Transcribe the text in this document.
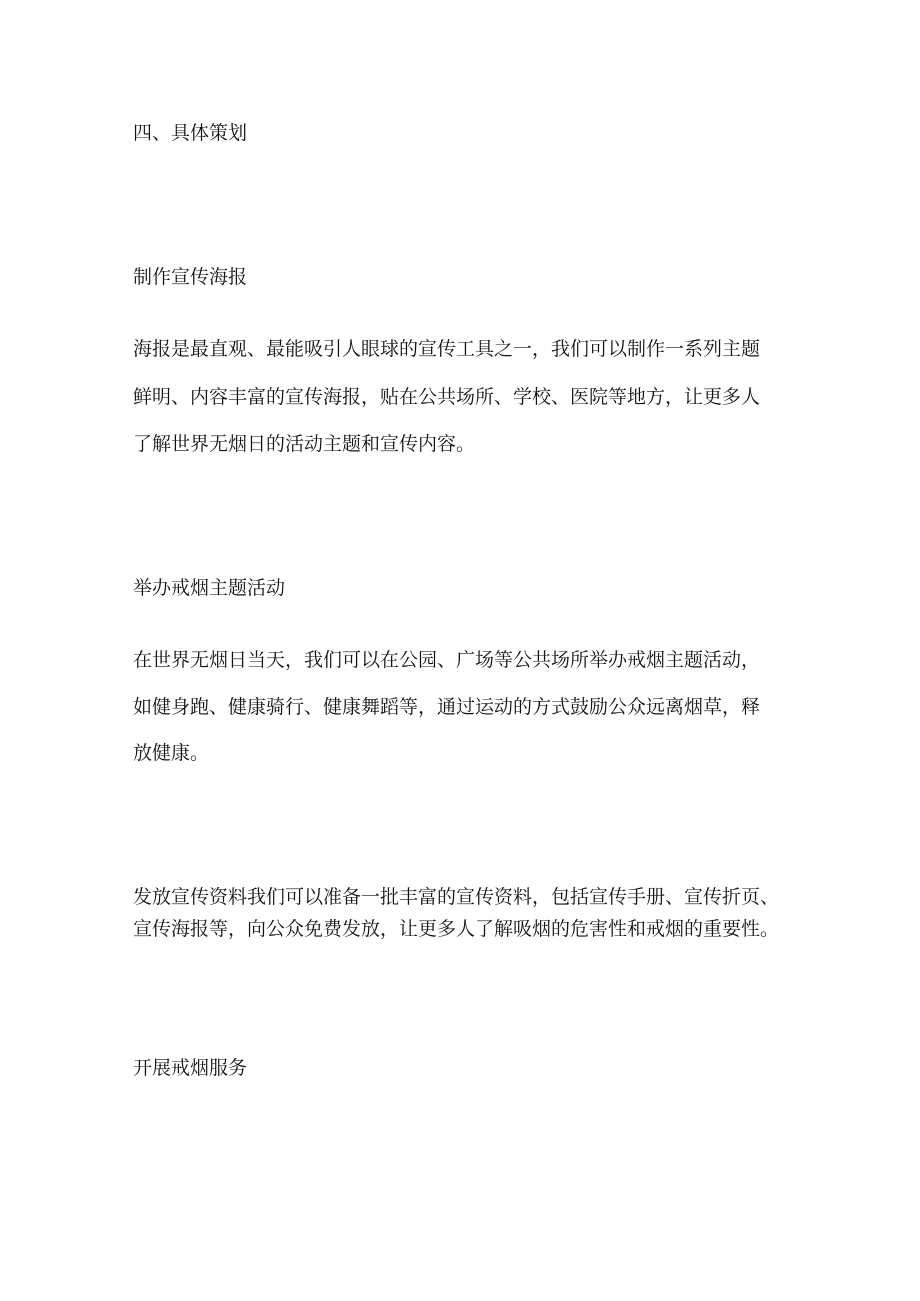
四、具体策划
制作宣传海报
海报是最直观、最能吸引人眼球的宣传工具之一，我们可以制作一系列主题
鲜明、内容丰富的宣传海报，贴在公共场所、学校、医院等地方，让更多人
了解世界无烟日的活动主题和宣传内容。
举办戒烟主题活动
在世界无烟日当天，我们可以在公园、广场等公共场所举办戒烟主题活动，
如健身跑、健康骑行、健康舞蹈等，通过运动的方式鼓励公众远离烟草，释
放健康。
发放宣传资料我们可以准备一批丰富的宣传资料，包括宣传手册、宣传折页、
宣传海报等，向公众免费发放，让更多人了解吸烟的危害性和戒烟的重要性。
开展戒烟服务
